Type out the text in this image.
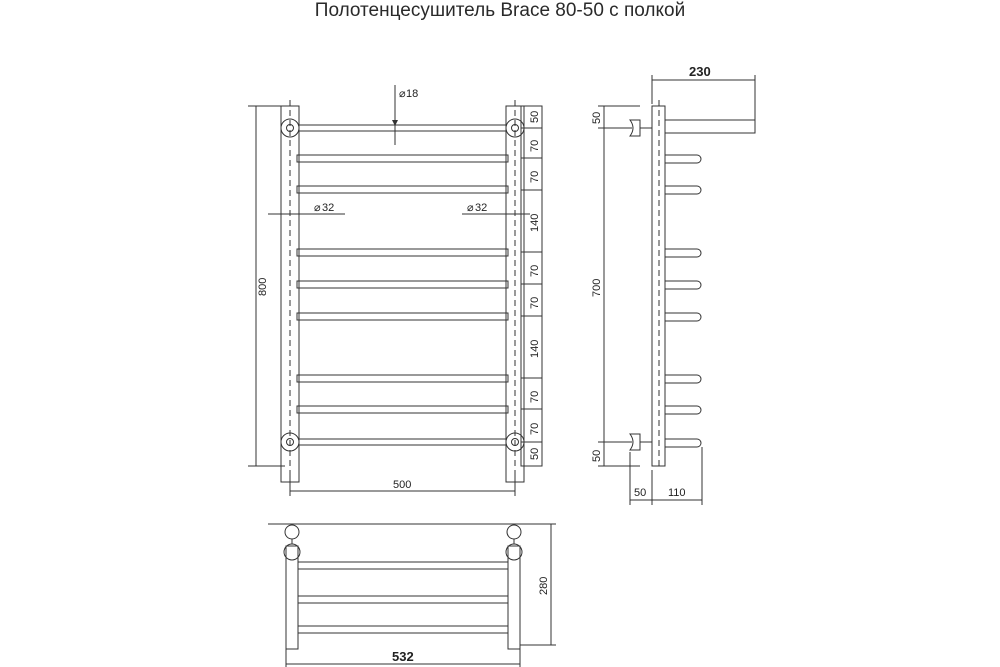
Полотенцесушитель Brace 80-50 с полкой
⌀ 18
⌀ 32	⌀ 32
800
500
50
70
70
140
70
70
140
70
70
50
230
700
50
50
50 110
280
532
